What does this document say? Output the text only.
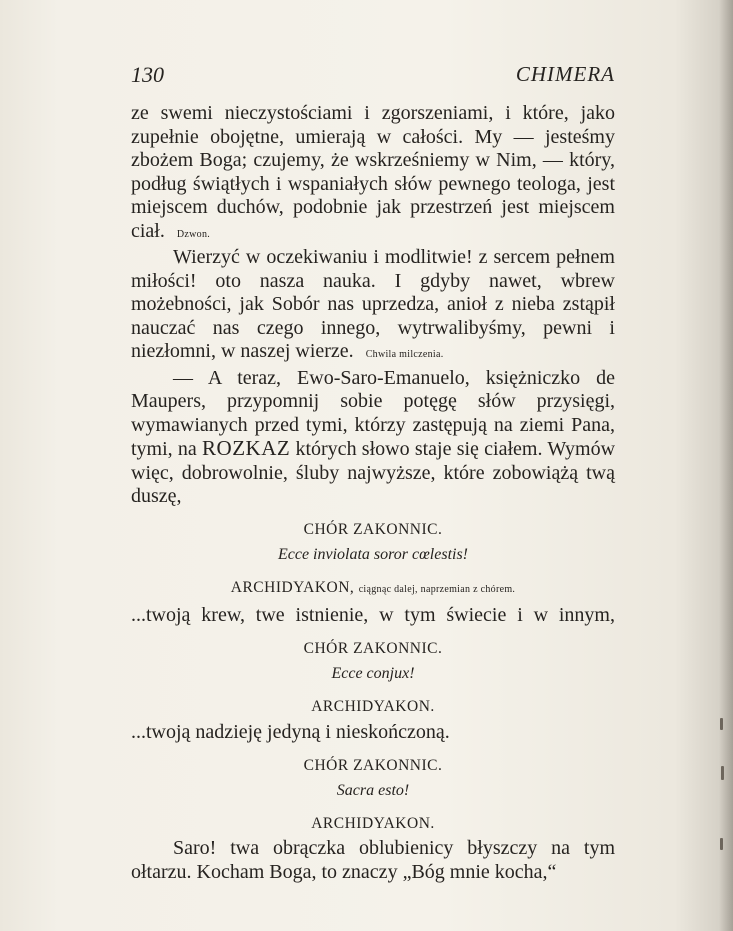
130	CHIMERA

ze swemi nieczystościami i zgorszeniami, i które, jako zupełnie obojętne, umierają w całości. My — jesteśmy zbożem Boga; czujemy, że wskrześniemy w Nim, — który, podług świątłych i wspaniałych słów pewnego teologa, jest miejscem duchów, podobnie jak przestrzeń jest miejscem ciał. Dzwon.

Wierzyć w oczekiwaniu i modlitwie! z sercem pełnem miłości! oto nasza nauka. I gdyby nawet, wbrew możebności, jak Sobór nas uprzedza, anioł z nieba zstąpił nauczać nas czego innego, wytrwalibyśmy, pewni i niezłomni, w naszej wierze. Chwila milczenia.

— A teraz, Ewo-Saro-Emanuelo, księżniczko de Maupers, przypomnij sobie potęgę słów przysięgi, wymawianych przed tymi, którzy zastępują na ziemi Pana, tymi, na ROZKAZ których słowo staje się ciałem. Wymów więc, dobrowolnie, śluby najwyższe, które zobowiążą twą duszę,

CHÓR ZAKONNIC.

Ecce inviolata soror cœlestis!

ARCHIDYAKON, ciągnąc dalej, naprzemian z chórem.

...twoją krew, twe istnienie, w tym świecie i w innym,

CHÓR ZAKONNIC.

Ecce conjux!

ARCHIDYAKON.

...twoją nadzieję jedyną i nieskończoną.

CHÓR ZAKONNIC.

Sacra esto!

ARCHIDYAKON.

Saro! twa obrączka oblubienicy błyszczy na tym ołtarzu. Kocham Boga, to znaczy „Bóg mnie kocha,“
